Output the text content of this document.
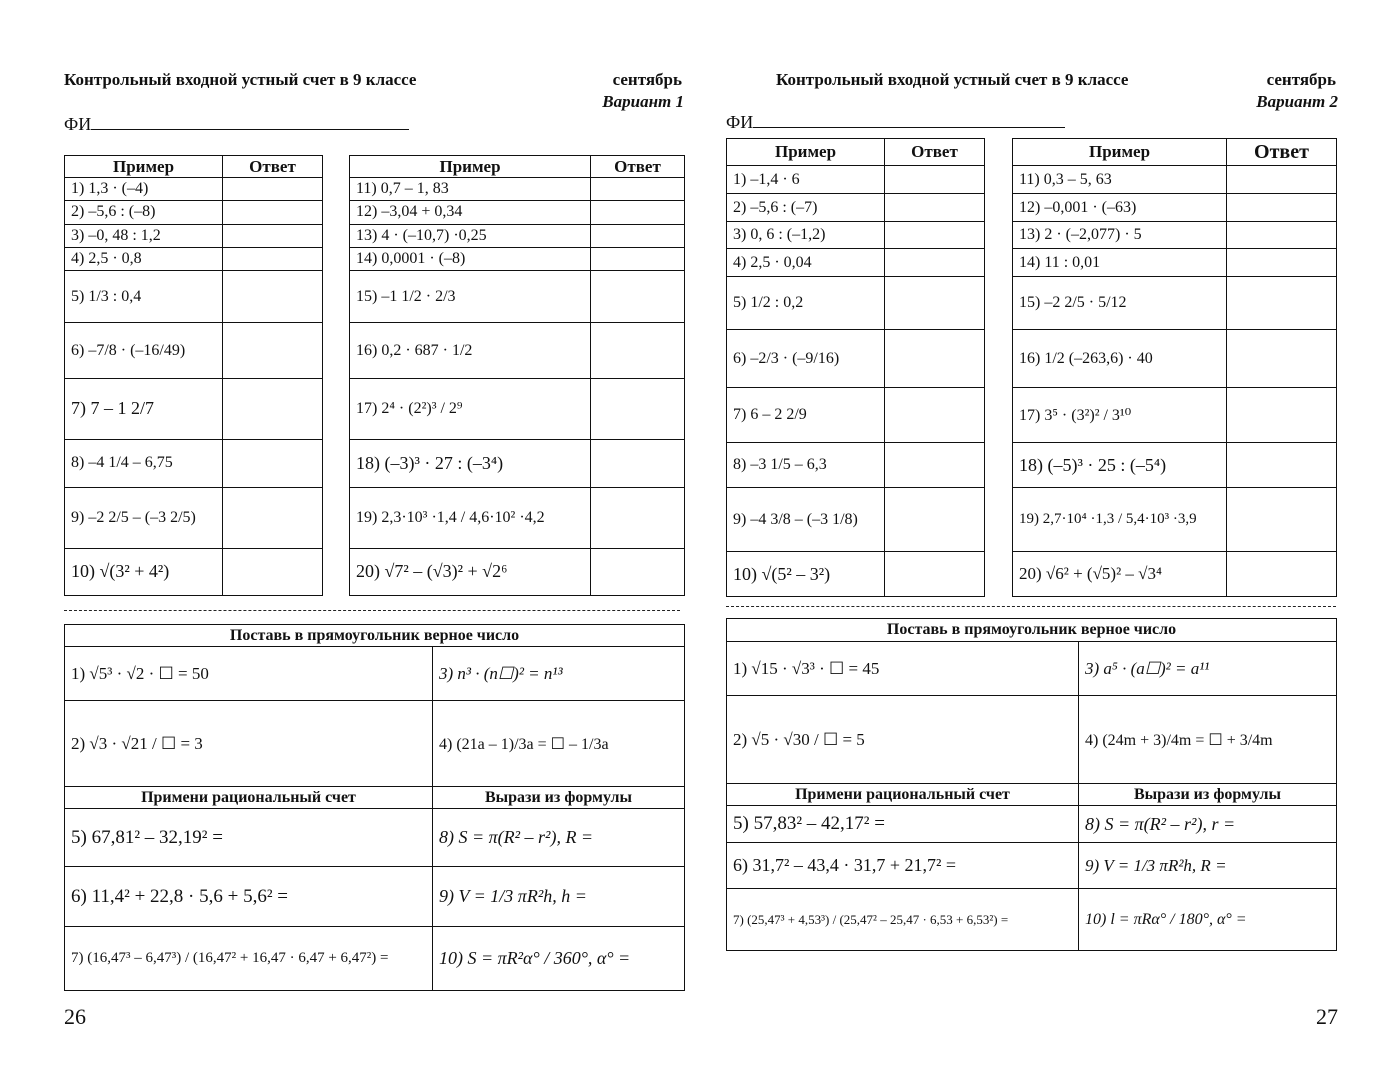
Контрольный входной устный счет в 9 классе	сентябрь
Вариант 1
ФИ
Пример	Ответ
1) 1,3 · (–4)	
2) –5,6 : (–8)	
3) –0, 48 : 1,2	
4) 2,5 · 0,8	
5) 1/3 : 0,4	
6) –7/8 · (–16/49)	
7) 7 – 1 2/7	
8) –4 1/4 – 6,75	
9) –2 2/5 – (–3 2/5)	
10) √(3² + 4²)	
Пример	Ответ
11) 0,7 – 1, 83	
12) –3,04 + 0,34	
13) 4 · (–10,7) ·0,25	
14) 0,0001 · (–8)	
15) –1 1/2 · 2/3	
16) 0,2 · 687 · 1/2	
17) 2⁴ · (2²)³ / 2⁹	
18) (–3)³ · 27 : (–3⁴)	
19) 2,3·10³ ·1,4 / 4,6·10² ·4,2	
20) √7² – (√3)² + √2⁶	
Поставь в прямоугольник верное число	
1) √5³ · √2 · ☐ = 50	3) n³ · (n☐)² = n¹³
2) √3 · √21 / ☐ = 3	4) (21a – 1)/3a = ☐ – 1/3a
Примени рациональный счет	Вырази из формулы
5) 67,81² – 32,19² =	8) S = π(R² – r²), R =
6) 11,4² + 22,8 · 5,6 + 5,6² =	9) V = 1/3 πR²h, h =
7) (16,47³ – 6,47³) / (16,47² + 16,47 · 6,47 + 6,47²) =	10) S = πR²α° / 360°, α° =
26
Контрольный входной устный счет в 9 классе	сентябрь
Вариант 2
ФИ
Пример	Ответ
1) –1,4 · 6	
2) –5,6 : (–7)	
3) 0, 6 : (–1,2)	
4) 2,5 · 0,04	
5) 1/2 : 0,2	
6) –2/3 · (–9/16)	
7) 6 – 2 2/9	
8) –3 1/5 – 6,3	
9) –4 3/8 – (–3 1/8)	
10) √(5² – 3²)	
Пример	Ответ
11) 0,3 – 5, 63	
12) –0,001 · (–63)	
13) 2 · (–2,077) · 5	
14) 11 : 0,01	
15) –2 2/5 · 5/12	
16) 1/2 (–263,6) · 40	
17) 3⁵ · (3²)² / 3¹⁰	
18) (–5)³ · 25 : (–5⁴)	
19) 2,7·10⁴ ·1,3 / 5,4·10³ ·3,9	
20) √6² + (√5)² – √3⁴	
Поставь в прямоугольник верное число	
1) √15 · √3³ · ☐ = 45	3) a⁵ · (a☐)² = a¹¹
2) √5 · √30 / ☐ = 5	4) (24m + 3)/4m = ☐ + 3/4m
Примени рациональный счет	Вырази из формулы
5) 57,83² – 42,17² =	8) S = π(R² – r²), r =
6) 31,7² – 43,4 · 31,7 + 21,7² =	9) V = 1/3 πR²h, R =
7) (25,47³ + 4,53³) / (25,47² – 25,47 · 6,53 + 6,53²) =	10) l = πRα° / 180°, α° =
27
